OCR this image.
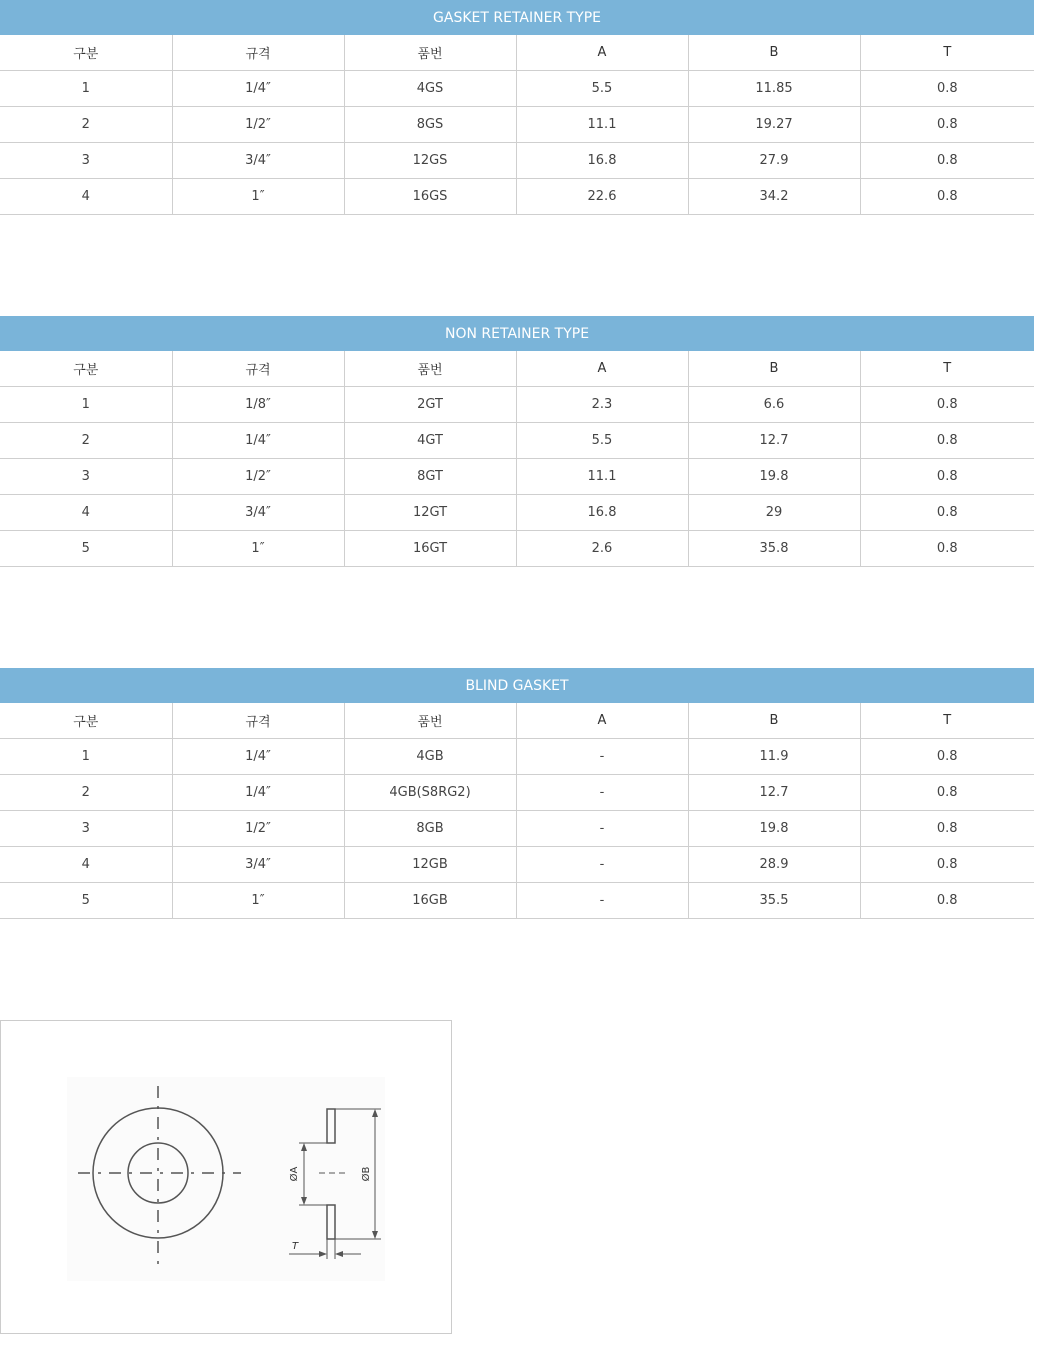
GASKET RETAINER TYPE					
구분	규격	품번	A	B	T
1	1/4″	4GS	5.5	11.85	0.8
2	1/2″	8GS	11.1	19.27	0.8
3	3/4″	12GS	16.8	27.9	0.8
4	1″	16GS	22.6	34.2	0.8
NON RETAINER TYPE					
구분	규격	품번	A	B	T
1	1/8″	2GT	2.3	6.6	0.8
2	1/4″	4GT	5.5	12.7	0.8
3	1/2″	8GT	11.1	19.8	0.8
4	3/4″	12GT	16.8	29	0.8
5	1″	16GT	2.6	35.8	0.8
BLIND GASKET					
구분	규격	품번	A	B	T
1	1/4″	4GB	-	11.9	0.8
2	1/4″	4GB(S8RG2)	-	12.7	0.8
3	1/2″	8GB	-	19.8	0.8
4	3/4″	12GB	-	28.9	0.8
5	1″	16GB	-	35.5	0.8
ØA	ØB
T
